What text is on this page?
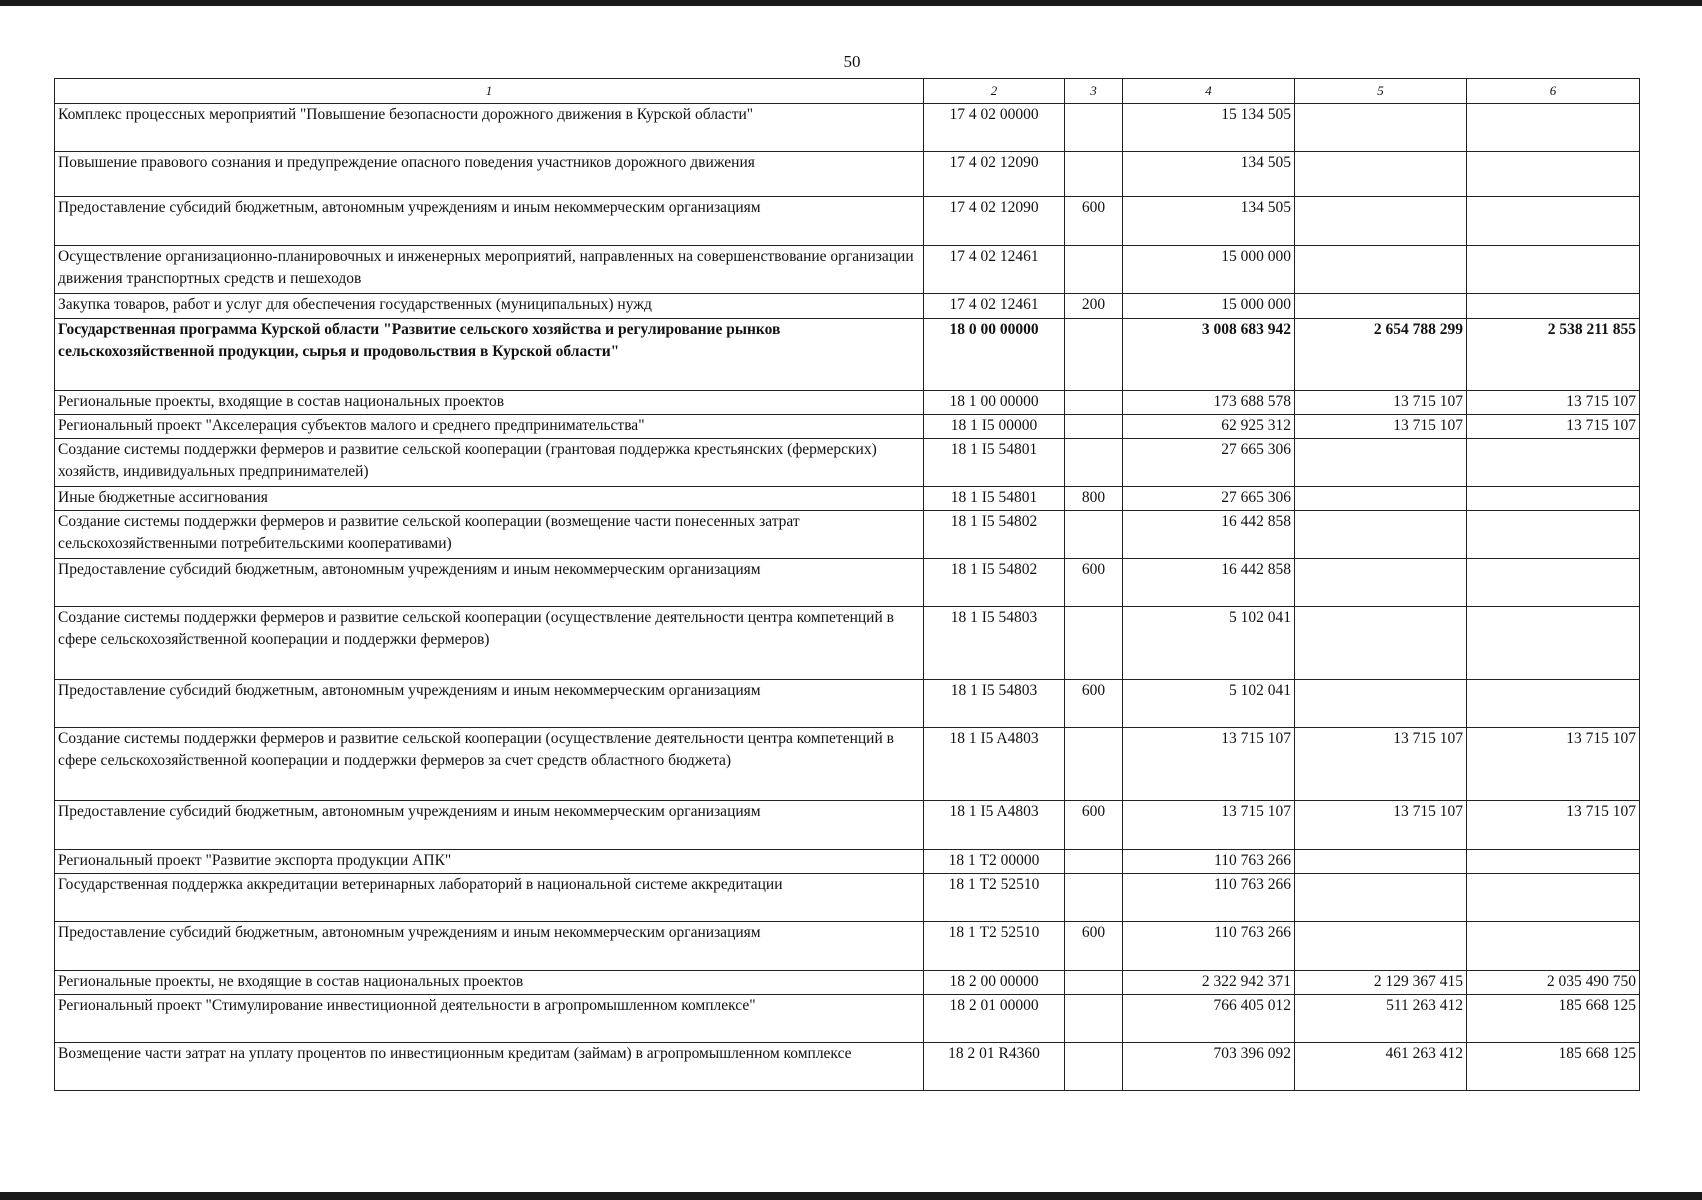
50
1	2	3	4	5	6
Комплекс процессных мероприятий "Повышение безопасности дорожного движения в Курской области"	17 4 02 00000		15 134 505		
Повышение правового сознания и предупреждение опасного поведения участников дорожного движения	17 4 02 12090		134 505		
Предоставление субсидий бюджетным, автономным учреждениям и иным некоммерческим организациям	17 4 02 12090	600	134 505		
Осуществление организационно-планировочных и инженерных мероприятий, направленных на совершенствование организации движения транспортных средств и пешеходов	17 4 02 12461		15 000 000		
Закупка товаров, работ и услуг для обеспечения государственных (муниципальных) нужд	17 4 02 12461	200	15 000 000		
Государственная программа Курской области "Развитие сельского хозяйства и регулирование рынков сельскохозяйственной продукции, сырья и продовольствия в Курской области"	18 0 00 00000		3 008 683 942	2 654 788 299	2 538 211 855
Региональные проекты, входящие в состав национальных проектов	18 1 00 00000		173 688 578	13 715 107	13 715 107
Региональный проект "Акселерация субъектов малого и среднего предпринимательства"	18 1 I5 00000		62 925 312	13 715 107	13 715 107
Создание системы поддержки фермеров и развитие сельской кооперации (грантовая поддержка крестьянских (фермерских) хозяйств, индивидуальных предпринимателей)	18 1 I5 54801		27 665 306		
Иные бюджетные ассигнования	18 1 I5 54801	800	27 665 306		
Создание системы поддержки фермеров и развитие сельской кооперации (возмещение части понесенных затрат сельскохозяйственными потребительскими кооперативами)	18 1 I5 54802		16 442 858		
Предоставление субсидий бюджетным, автономным учреждениям и иным некоммерческим организациям	18 1 I5 54802	600	16 442 858		
Создание системы поддержки фермеров и развитие сельской кооперации (осуществление деятельности центра компетенций в сфере сельскохозяйственной кооперации и поддержки фермеров)	18 1 I5 54803		5 102 041		
Предоставление субсидий бюджетным, автономным учреждениям и иным некоммерческим организациям	18 1 I5 54803	600	5 102 041		
Создание системы поддержки фермеров и развитие сельской кооперации (осуществление деятельности центра компетенций в сфере сельскохозяйственной кооперации и поддержки фермеров за счет средств областного бюджета)	18 1 I5 A4803		13 715 107	13 715 107	13 715 107
Предоставление субсидий бюджетным, автономным учреждениям и иным некоммерческим организациям	18 1 I5 A4803	600	13 715 107	13 715 107	13 715 107
Региональный проект "Развитие экспорта продукции АПК"	18 1 Т2 00000		110 763 266		
Государственная поддержка аккредитации ветеринарных лабораторий в национальной системе аккредитации	18 1 Т2 52510		110 763 266		
Предоставление субсидий бюджетным, автономным учреждениям и иным некоммерческим организациям	18 1 Т2 52510	600	110 763 266		
Региональные проекты, не входящие в состав национальных проектов	18 2 00 00000		2 322 942 371	2 129 367 415	2 035 490 750
Региональный проект "Стимулирование инвестиционной деятельности в агропромышленном комплексе"	18 2 01 00000		766 405 012	511 263 412	185 668 125
Возмещение части затрат на уплату процентов по инвестиционным кредитам (займам) в агропромышленном комплексе	18 2 01 R4360		703 396 092	461 263 412	185 668 125
